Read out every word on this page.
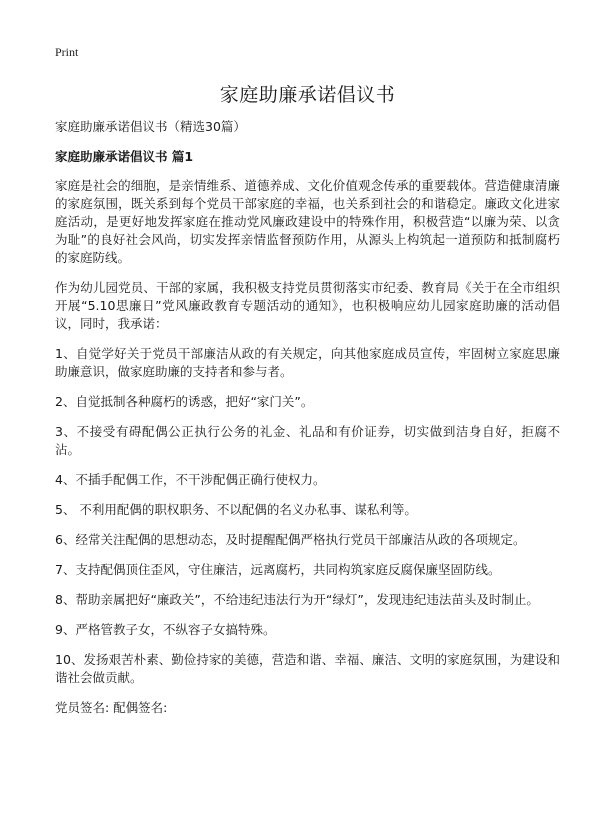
Print
家庭助廉承诺倡议书
家庭助廉承诺倡议书（精选30篇）
家庭助廉承诺倡议书 篇1

家庭是社会的细胞，是亲情维系、道德养成、文化价值观念传承的重要载体。营造健康清廉的家庭氛围，既关系到每个党员干部家庭的幸福，也关系到社会的和谐稳定。廉政文化进家庭活动，是更好地发挥家庭在推动党风廉政建设中的特殊作用，积极营造“以廉为荣、以贪为耻”的良好社会风尚，切实发挥亲情监督预防作用，从源头上构筑起一道预防和抵制腐朽的家庭防线。

作为幼儿园党员、干部的家属，我积极支持党员贯彻落实市纪委、教育局《关于在全市组织开展“5.10思廉日”党风廉政教育专题活动的通知》，也积极响应幼儿园家庭助廉的活动倡议，同时，我承诺：

1、自觉学好关于党员干部廉洁从政的有关规定，向其他家庭成员宣传，牢固树立家庭思廉助廉意识，做家庭助廉的支持者和参与者。

2、自觉抵制各种腐朽的诱惑，把好“家门关”。

3、不接受有碍配偶公正执行公务的礼金、礼品和有价证券，切实做到洁身自好，拒腐不沾。

4、不插手配偶工作，不干涉配偶正确行使权力。

5、 不利用配偶的职权职务、不以配偶的名义办私事、谋私利等。

6、经常关注配偶的思想动态，及时提醒配偶严格执行党员干部廉洁从政的各项规定。

7、支持配偶顶住歪风，守住廉洁，远离腐朽，共同构筑家庭反腐保廉坚固防线。

8、帮助亲属把好“廉政关”，不给违纪违法行为开“绿灯”，发现违纪违法苗头及时制止。

9、严格管教子女，不纵容子女搞特殊。

10、发扬艰苦朴素、勤俭持家的美德，营造和谐、幸福、廉洁、文明的家庭氛围，为建设和谐社会做贡献。

党员签名: 配偶签名:
